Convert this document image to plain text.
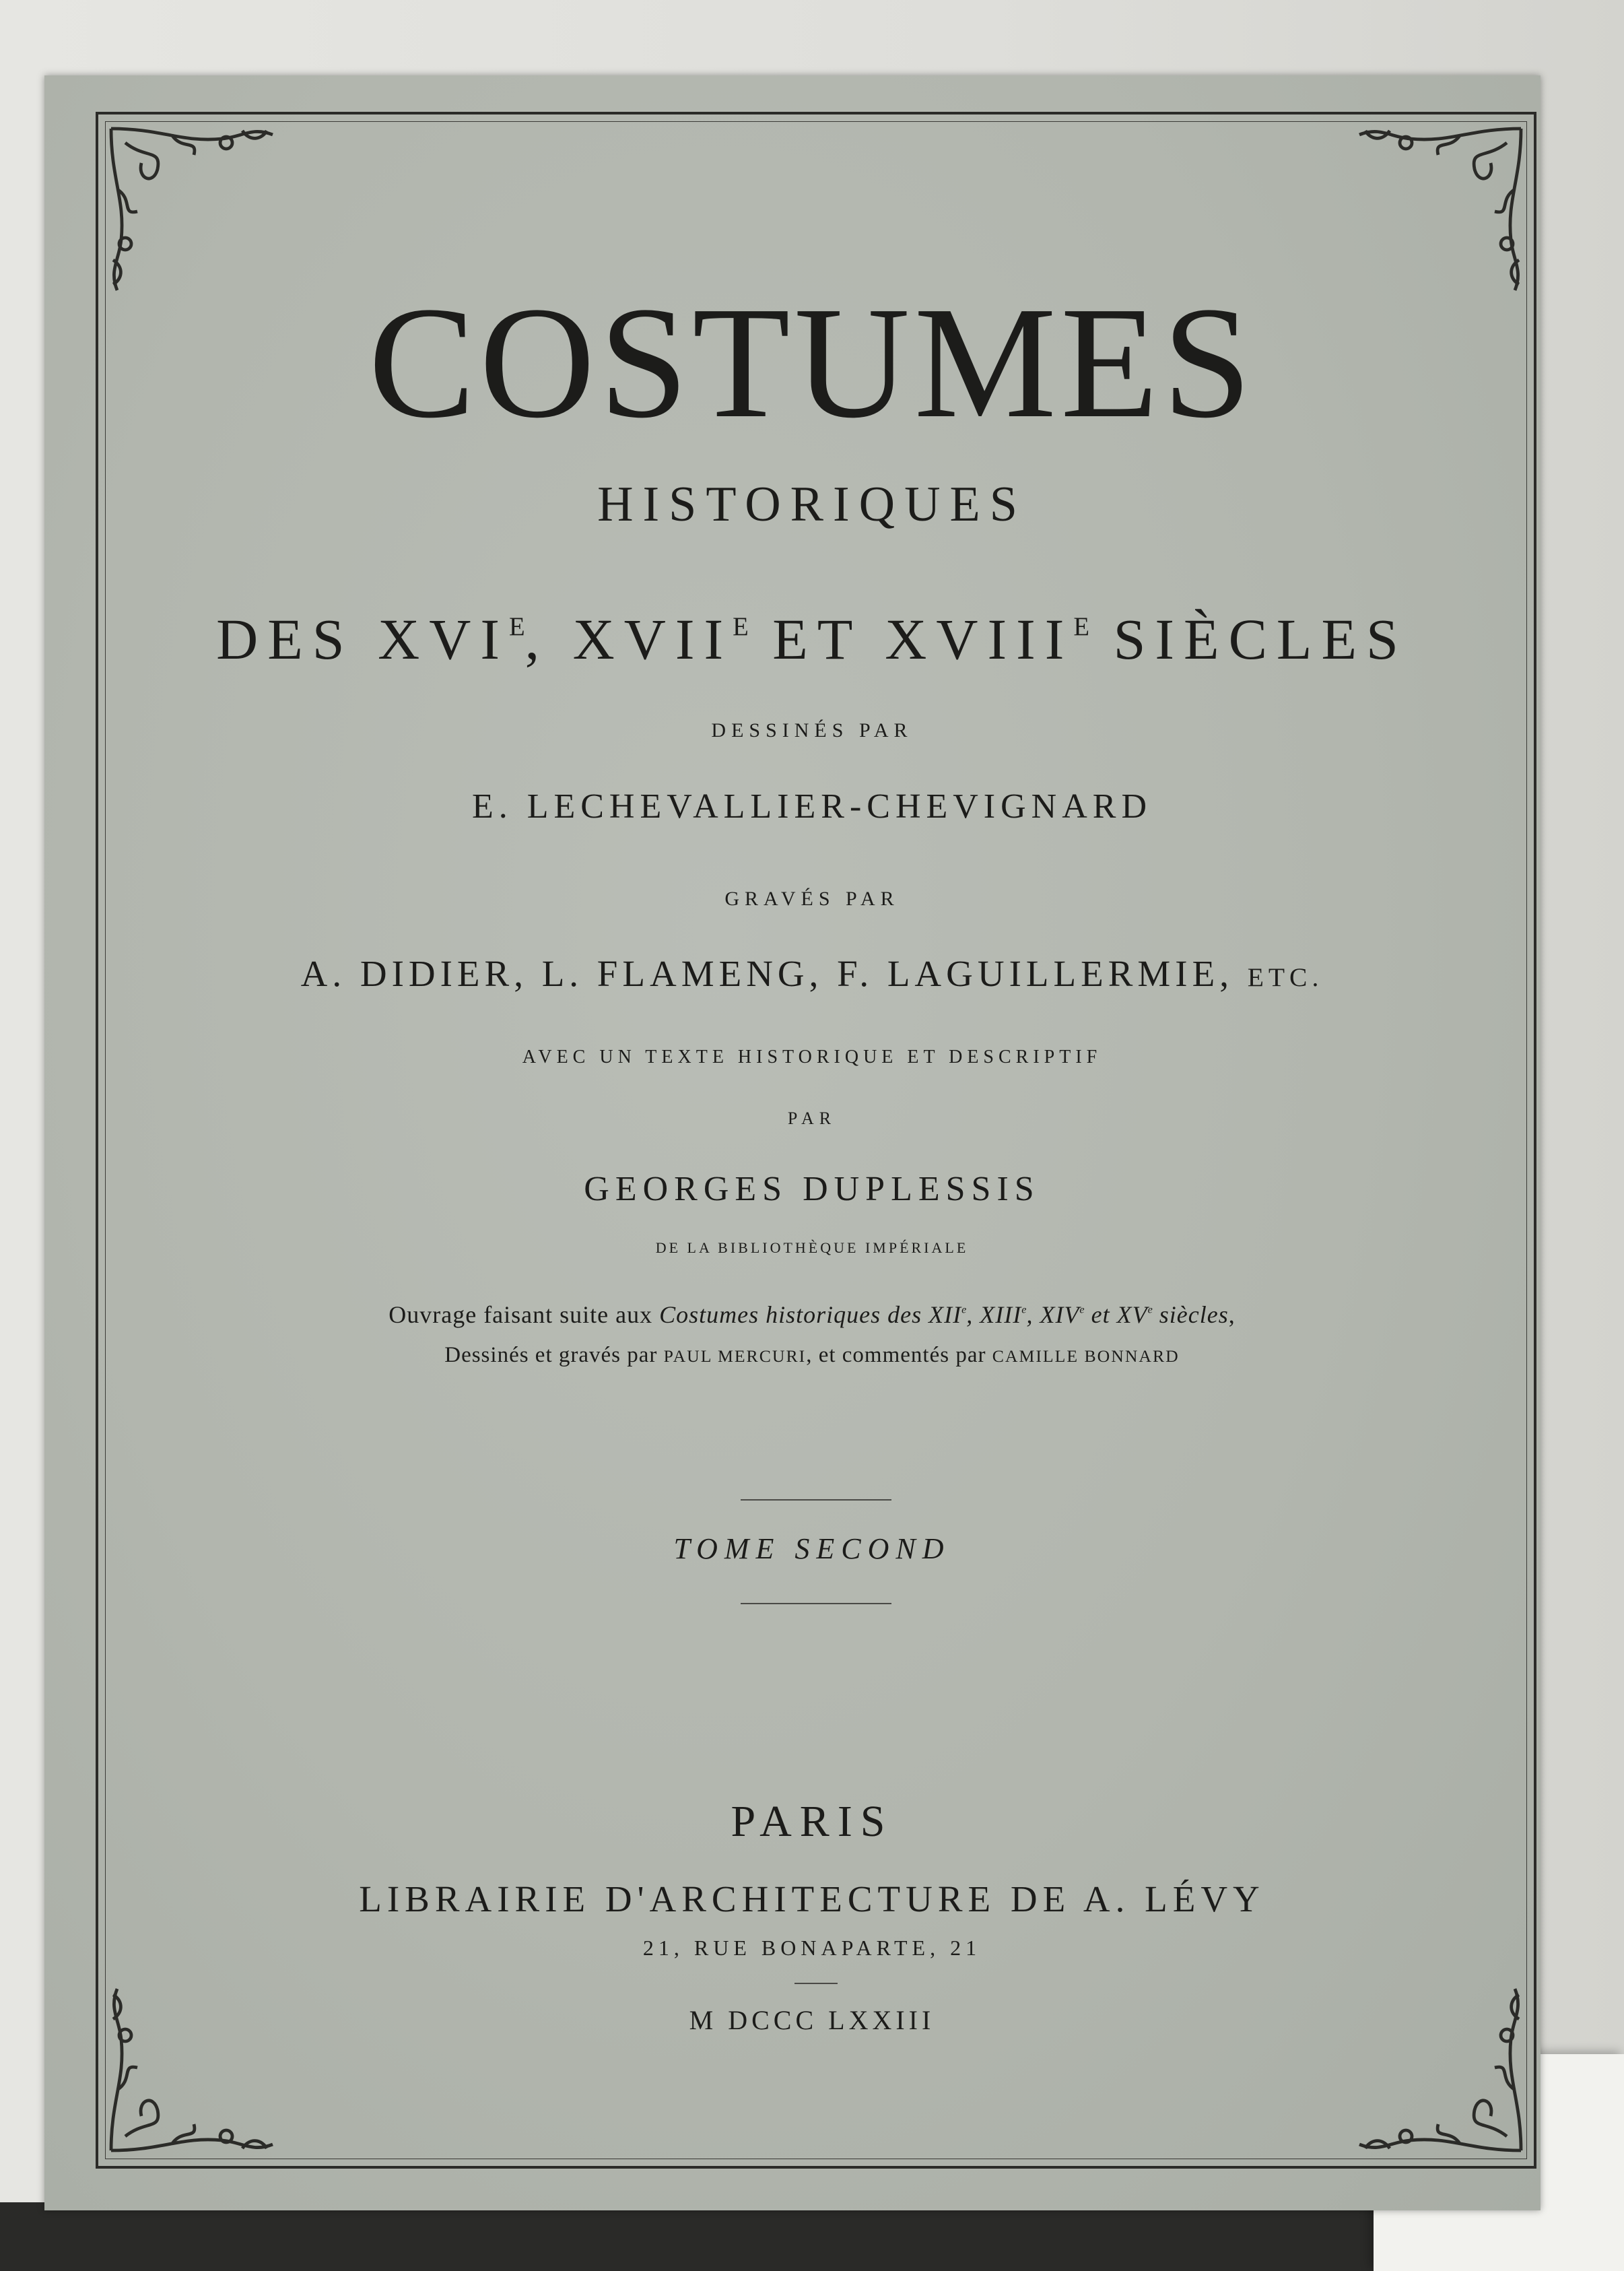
COSTUMES
HISTORIQUES
DES $XVI^E$, $XVII^E$ ET $XVIII^E$ SIÈCLES
DESSINÉS PAR
E. LECHEVALLIER-CHEVIGNARD
GRAVÉS PAR
A. DIDIER, L. FLAMENG, F. LAGUILLERMIE, ETC.
AVEC UN TEXTE HISTORIQUE ET DESCRIPTIF
PAR
GEORGES DUPLESSIS
DE LA BIBLIOTHÈQUE IMPÉRIALE
Ouvrage faisant suite aux Costumes historiques des XIIe, XIIIe, XIVe et XVe siècles,
Dessinés et gravés par PAUL MERCURI, et commentés par CAMILLE BONNARD
TOME SECOND
PARIS
LIBRAIRIE D'ARCHITECTURE DE A. LÉVY
21, RUE BONAPARTE, 21
M DCCC LXXIII
